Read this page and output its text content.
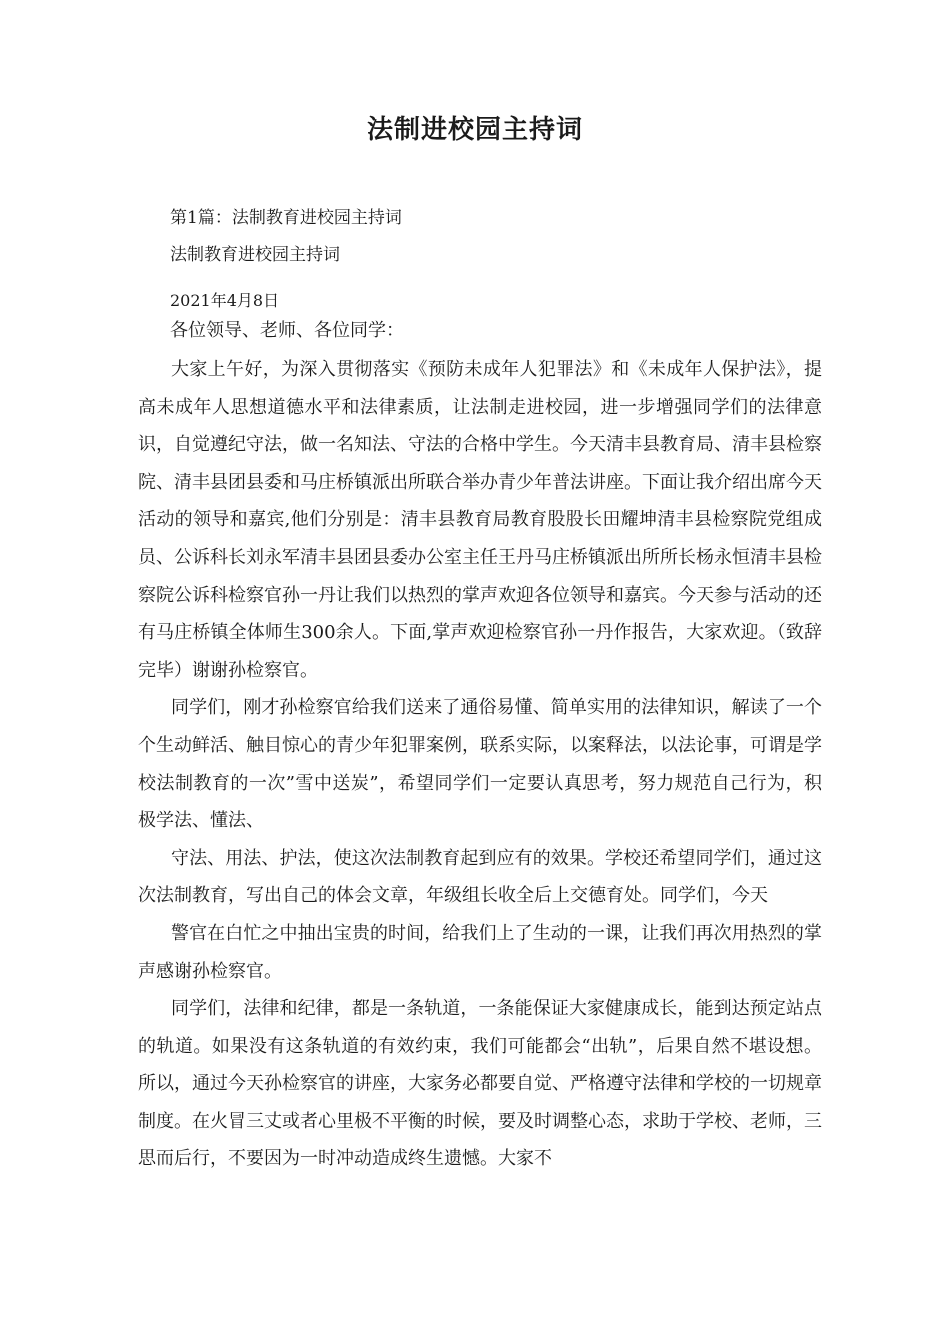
法制进校园主持词
第1篇：法制教育进校园主持词
法制教育进校园主持词
2021年4月8日
各位领导、老师、各位同学：

大家上午好，为深入贯彻落实《预防未成年人犯罪法》和《未成年人保护法》，提高未成年人思想道德水平和法律素质，让法制走进校园，进一步增强同学们的法律意识，自觉遵纪守法，做一名知法、守法的合格中学生。今天清丰县教育局、清丰县检察院、清丰县团县委和马庄桥镇派出所联合举办青少年普法讲座。下面让我介绍出席今天活动的领导和嘉宾,他们分别是：清丰县教育局教育股股长田耀坤清丰县检察院党组成员、公诉科长刘永军清丰县团县委办公室主任王丹马庄桥镇派出所所长杨永恒清丰县检察院公诉科检察官孙一丹让我们以热烈的掌声欢迎各位领导和嘉宾。今天参与活动的还有马庄桥镇全体师生300余人。下面,掌声欢迎检察官孙一丹作报告，大家欢迎。（致辞完毕）谢谢孙检察官。

同学们，刚才孙检察官给我们送来了通俗易懂、简单实用的法律知识，解读了一个个生动鲜活、触目惊心的青少年犯罪案例，联系实际，以案释法，以法论事，可谓是学校法制教育的一次”雪中送炭”，希望同学们一定要认真思考，努力规范自己行为，积极学法、懂法、

守法、用法、护法，使这次法制教育起到应有的效果。学校还希望同学们，通过这次法制教育，写出自己的体会文章，年级组长收全后上交德育处。同学们，今天

警官在白忙之中抽出宝贵的时间，给我们上了生动的一课，让我们再次用热烈的掌声感谢孙检察官。

同学们，法律和纪律，都是一条轨道，一条能保证大家健康成长，能到达预定站点的轨道。如果没有这条轨道的有效约束，我们可能都会“出轨”，后果自然不堪设想。所以，通过今天孙检察官的讲座，大家务必都要自觉、严格遵守法律和学校的一切规章制度。在火冒三丈或者心里极不平衡的时候，要及时调整心态，求助于学校、老师，三思而后行，不要因为一时冲动造成终生遗憾。大家不
